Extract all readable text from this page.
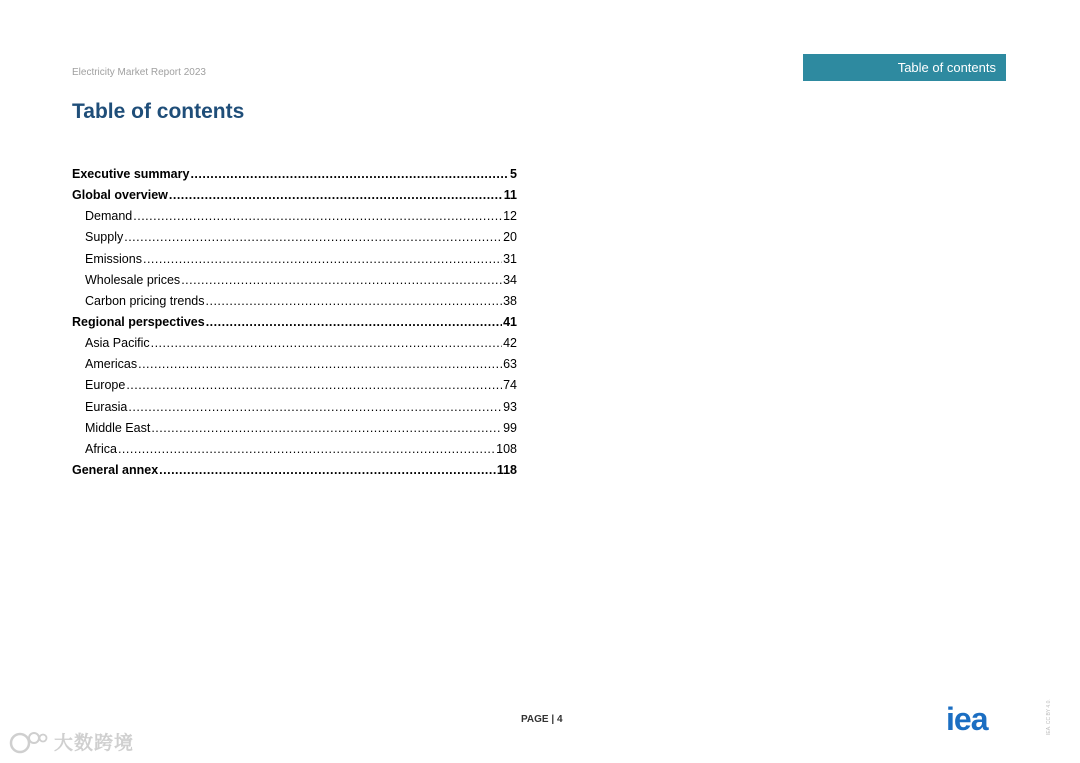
Electricity Market Report 2023	Table of contents
Table of contents
Executive summary .....	5
Global overview .....	11
Demand .....	12
Supply .....	20
Emissions .....	31
Wholesale prices .....	34
Carbon pricing trends .....	38
Regional perspectives .....	41
Asia Pacific .....	42
Americas .....	63
Europe .....	74
Eurasia .....	93
Middle East .....	99
Africa .....	108
General annex .....	118
PAGE | 4	iea	IEA. CC BY 4.0.
大数跨境
